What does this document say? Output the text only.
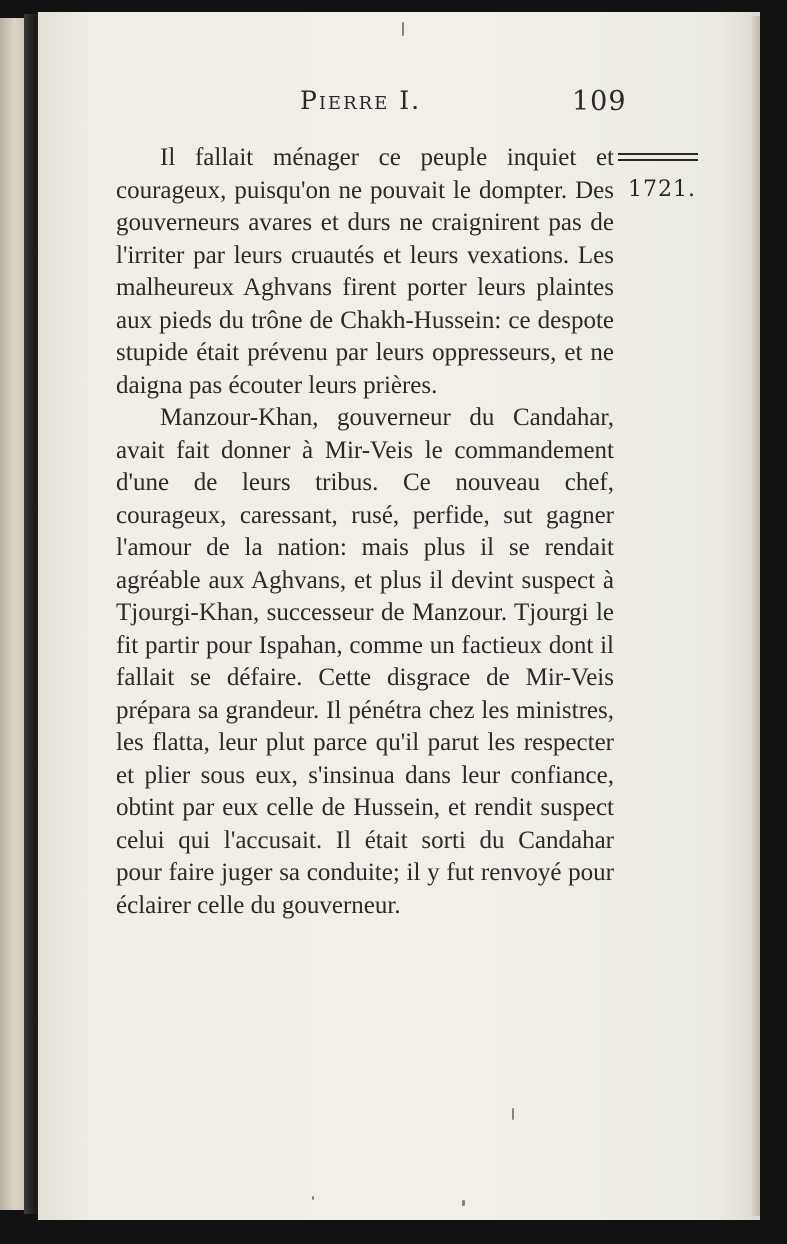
Pierre I.	109
1721.

Il fallait ménager ce peuple inquiet et courageux, puisqu'on ne pouvait le dompter. Des gouverneurs avares et durs ne craignirent pas de l'irriter par leurs cruautés et leurs vexations. Les malheureux Aghvans firent porter leurs plaintes aux pieds du trône de Chakh-Hussein: ce despote stupide était prévenu par leurs oppresseurs, et ne daigna pas écouter leurs prières.

Manzour-Khan, gouverneur du Candahar, avait fait donner à Mir-Veis le commandement d'une de leurs tribus. Ce nouveau chef, courageux, caressant, rusé, perfide, sut gagner l'amour de la nation: mais plus il se rendait agréable aux Aghvans, et plus il devint suspect à Tjourgi-Khan, successeur de Manzour. Tjourgi le fit partir pour Ispahan, comme un factieux dont il fallait se défaire. Cette disgrace de Mir-Veis prépara sa grandeur. Il pénétra chez les ministres, les flatta, leur plut parce qu'il parut les respecter et plier sous eux, s'insinua dans leur confiance, obtint par eux celle de Hussein, et rendit suspect celui qui l'accusait. Il était sorti du Candahar pour faire juger sa conduite; il y fut renvoyé pour éclairer celle du gouverneur.
